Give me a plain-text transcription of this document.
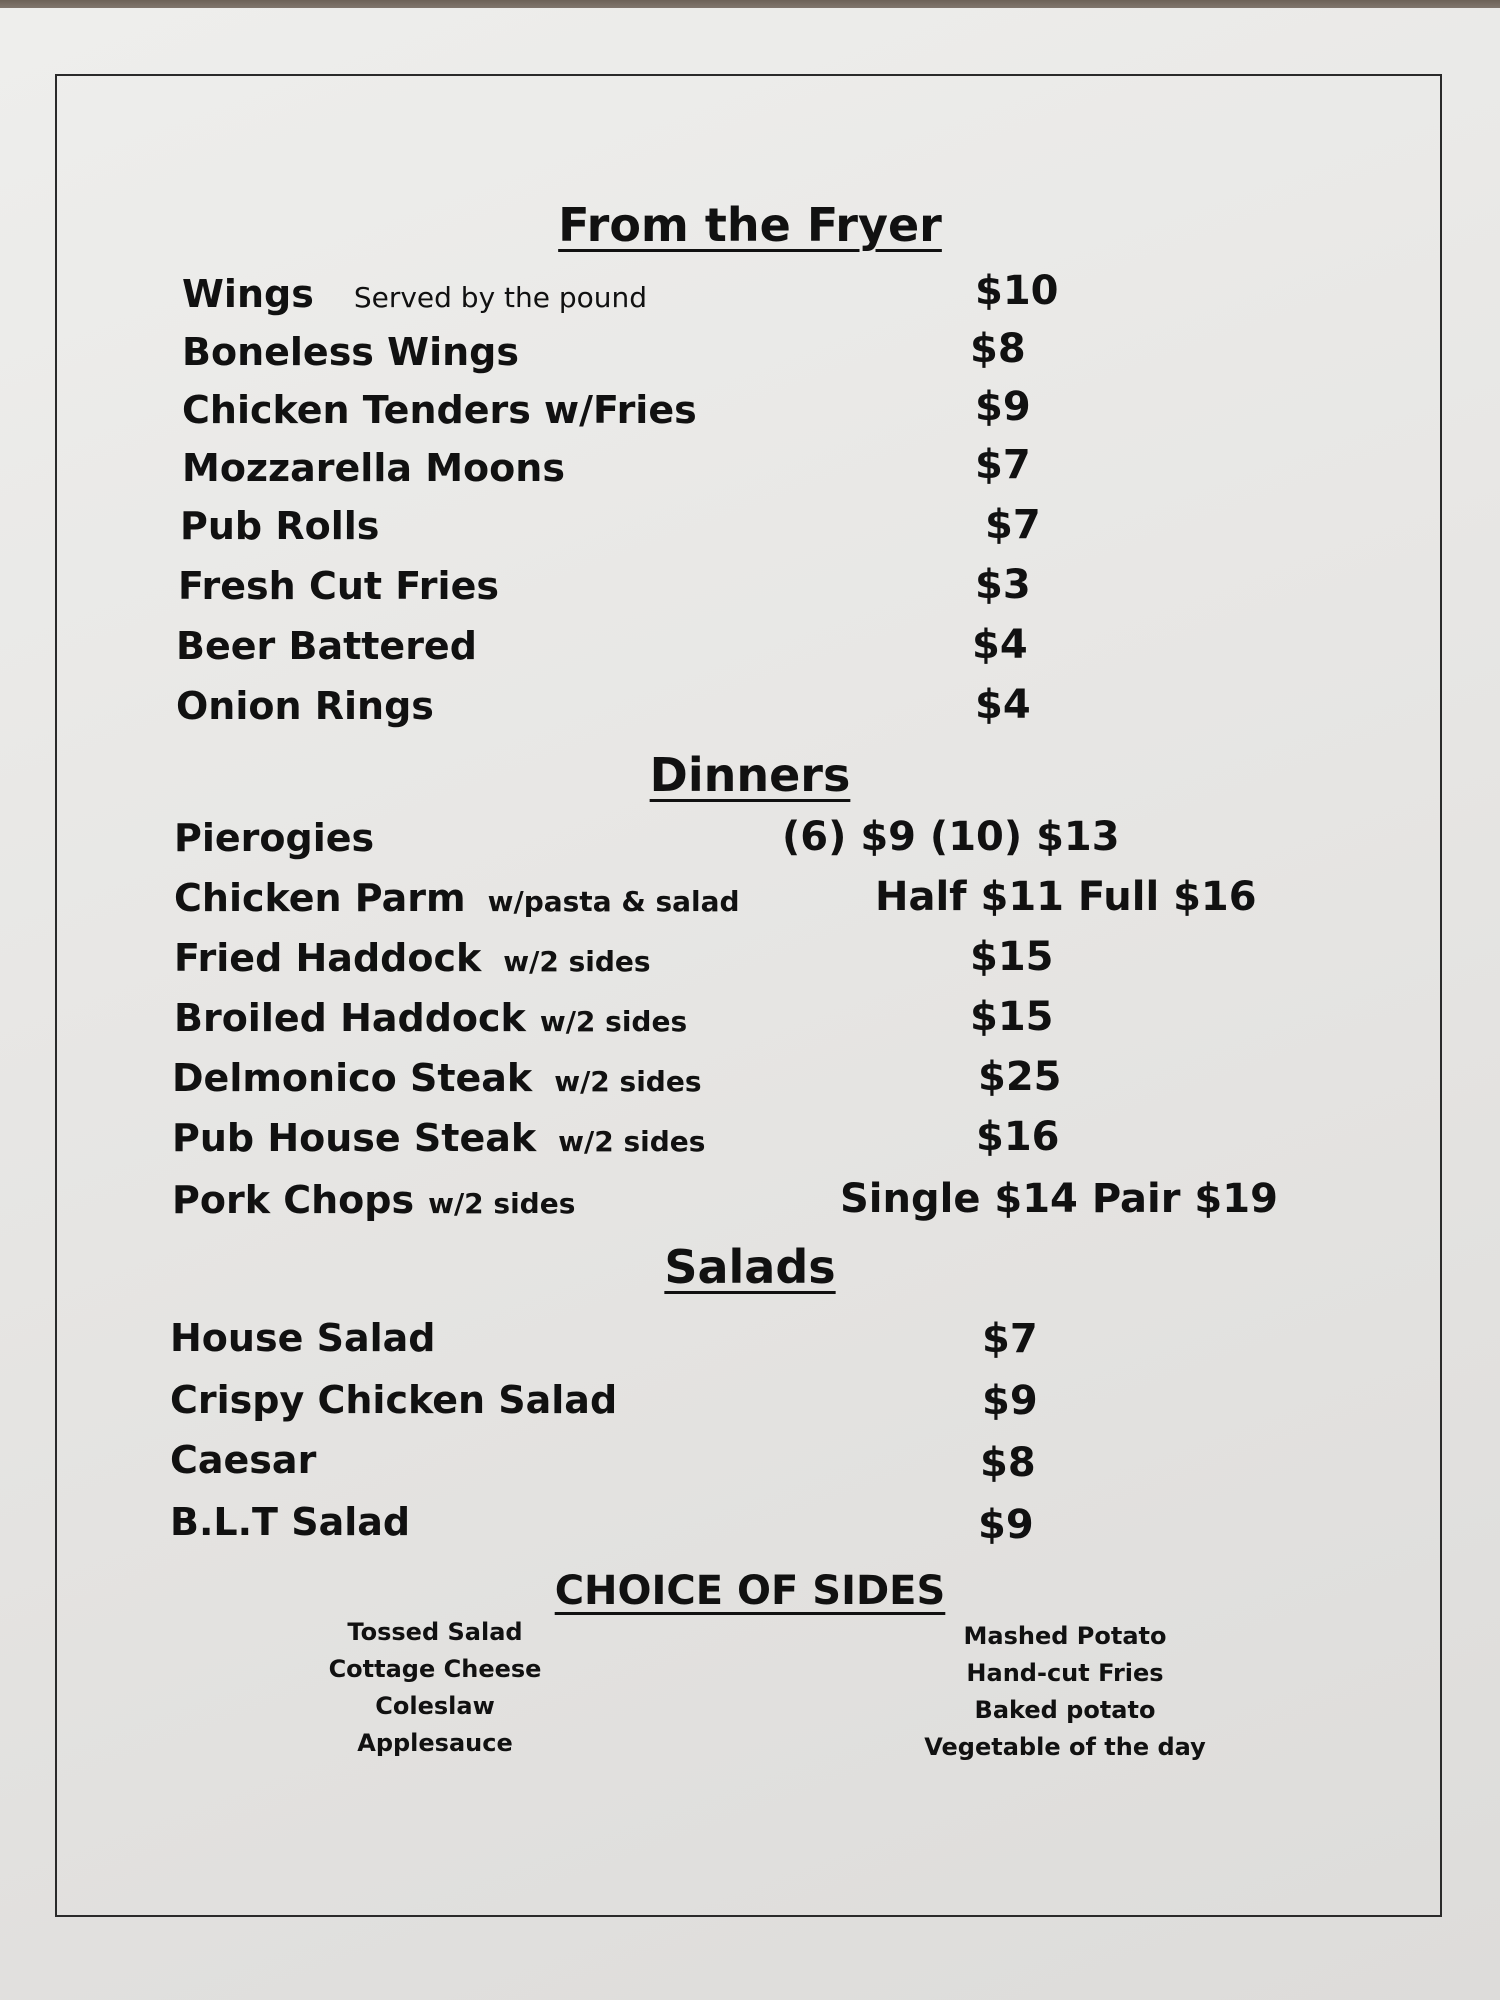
From the Fryer
Wings Served by the pound	$10
Boneless Wings	$8
Chicken Tenders w/Fries	$9
Mozzarella Moons	$7
Pub Rolls	$7
Fresh Cut Fries	$3
Beer Battered	$4
Onion Rings	$4
Dinners
Pierogies	(6) $9 (10) $13
Chicken Parm w/pasta & salad	Half $11 Full $16
Fried Haddock w/2 sides	$15
Broiled Haddock w/2 sides	$15
Delmonico Steak w/2 sides	$25
Pub House Steak w/2 sides	$16
Pork Chops w/2 sides	Single $14 Pair $19
Salads
House Salad	$7
Crispy Chicken Salad	$9
Caesar	$8
B.L.T Salad	$9
CHOICE OF SIDES
Tossed Salad
Cottage Cheese
Coleslaw
Applesauce
Mashed Potato
Hand-cut Fries
Baked potato
Vegetable of the day
